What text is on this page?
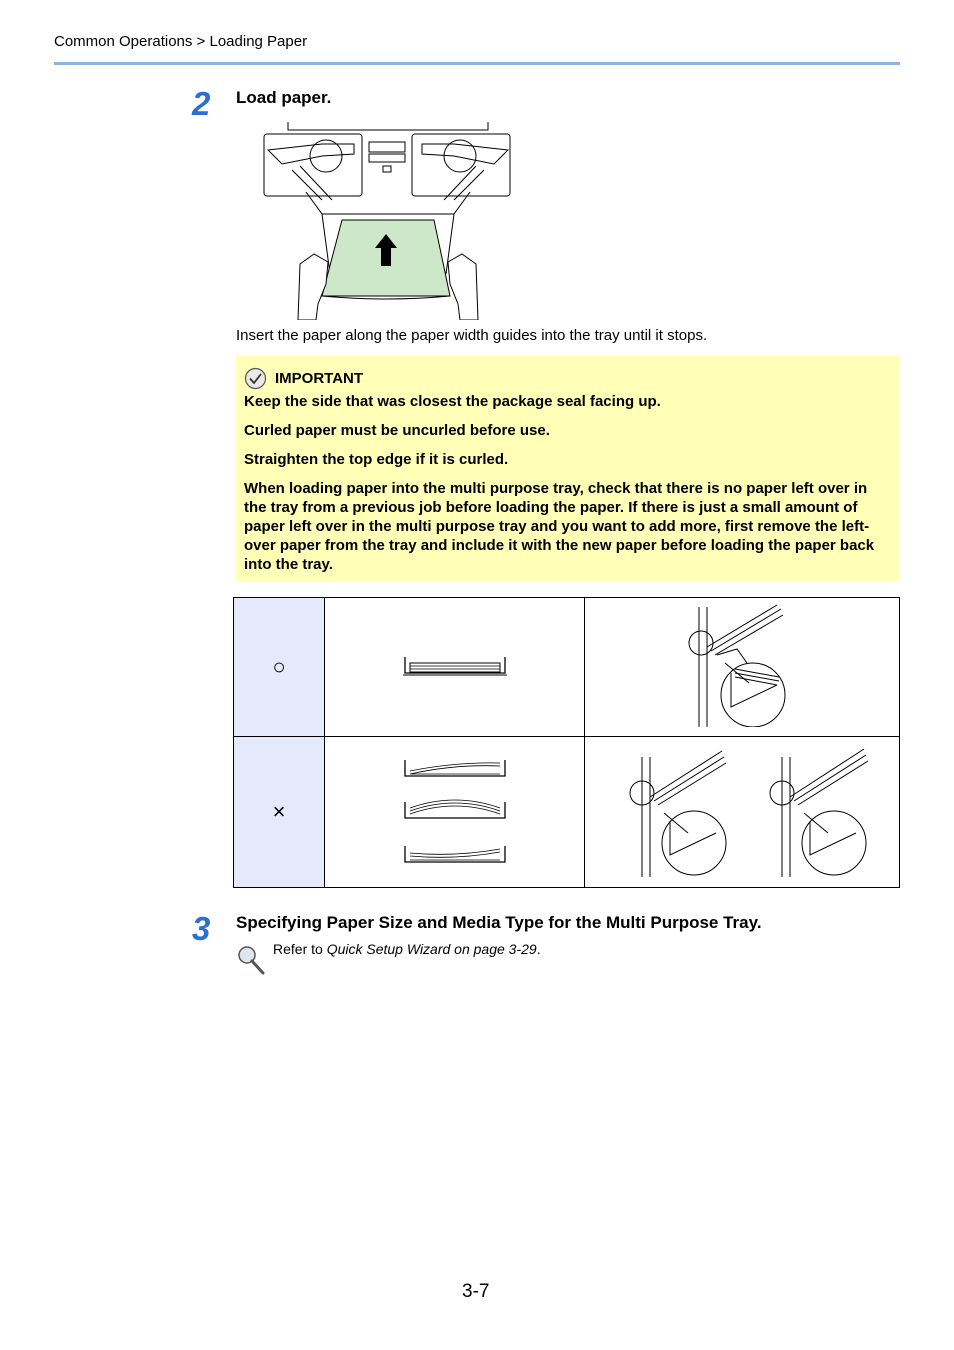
Common Operations > Loading Paper
2 Load paper.
Insert the paper along the paper width guides into the tray until it stops.
IMPORTANT
Keep the side that was closest the package seal facing up.
Curled paper must be uncurled before use.
Straighten the top edge if it is curled.
When loading paper into the multi purpose tray, check that there is no paper left over in the tray from a previous job before loading the paper. If there is just a small amount of paper left over in the multi purpose tray and you want to add more, first remove the left-over paper from the tray and include it with the new paper before loading the paper back into the tray.
○		
×		
3 Specifying Paper Size and Media Type for the Multi Purpose Tray.
Refer to Quick Setup Wizard on page 3-29.
3-7
